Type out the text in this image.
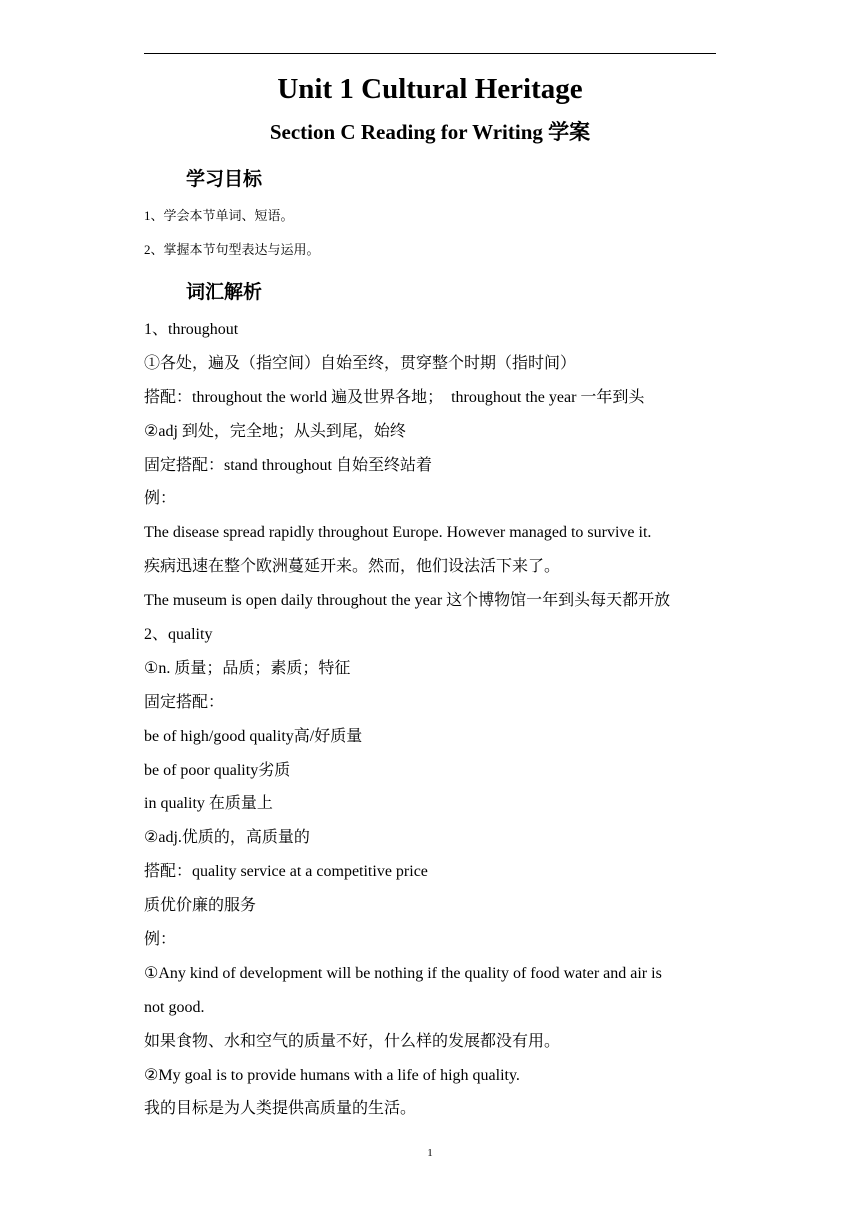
Unit 1 Cultural Heritage
Section C Reading for Writing 学案
学习目标
1、学会本节单词、短语。
2、掌握本节句型表达与运用。
词汇解析
1、throughout
①各处，遍及（指空间）自始至终，贯穿整个时期（指时间）
搭配：throughout the world 遍及世界各地；　throughout the year 一年到头
②adj 到处，完全地；从头到尾，始终
固定搭配：stand throughout 自始至终站着
例：
The disease spread rapidly throughout Europe. However managed to survive it.
疾病迅速在整个欧洲蔓延开来。然而，他们设法活下来了。
The museum is open daily throughout the year 这个博物馆一年到头每天都开放
2、quality
①n. 质量；品质；素质；特征
固定搭配：
be of high/good quality高/好质量
be of poor quality劣质
in quality 在质量上
②adj.优质的，高质量的
搭配：quality service at a competitive price
质优价廉的服务
例：
①Any kind of development will be nothing if the quality of food water and air is
not good.
如果食物、水和空气的质量不好，什么样的发展都没有用。
②My goal is to provide humans with a life of high quality.
我的目标是为人类提供高质量的生活。
1
